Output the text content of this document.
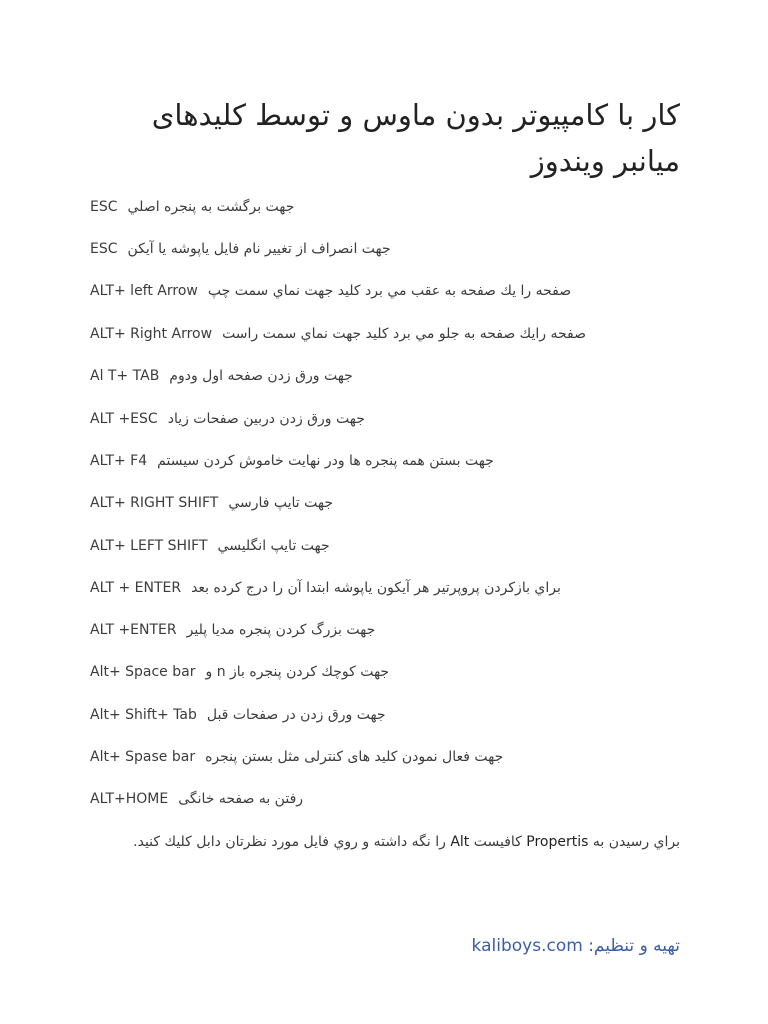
کار با کامپیوتر بدون ماوس و توسط کلیدهای میانبر ویندوز
ESC جهت برگشت به پنجره اصلي
ESC جهت انصراف از تغيير نام فايل ياپوشه يا آيكن
ALT+ left Arrow صفحه را يك صفحه به عقب مي برد كليد جهت نماي سمت چپ
ALT+ Right Arrow صفحه رايك صفحه به جلو مي برد كليد جهت نماي سمت راست
Al T+ TAB جهت ورق زدن صفحه اول ودوم
ALT +ESC جهت ورق زدن دربين صفحات زياد
ALT+ F4 جهت بستن همه پنجره ها ودر نهايت خاموش كردن سيستم
ALT+ RIGHT SHIFT جهت تايپ فارسي
ALT+ LEFT SHIFT جهت تايپ انگليسي
ALT + ENTER براي بازكردن پروپرتير هر آيكون ياپوشه ابتدا آن را درج كرده بعد
ALT +ENTER جهت بزرگ كردن پنجره مديا پلير
Alt+ Space bar جهت كوچك كردن پنجره باز n و
Alt+ Shift+ Tab جهت ورق زدن در صفحات قبل
Alt+ Spase bar جهت فعال نمودن کلید های کنترلی مثل بستن پنجره
ALT+HOME رفتن به صفحه خانگی
براي رسيدن به Propertis كافيست Alt را نگه داشته و روي فايل مورد نظرتان دابل كليك كنيد.
تهیه و تنظیم: kaliboys.com
